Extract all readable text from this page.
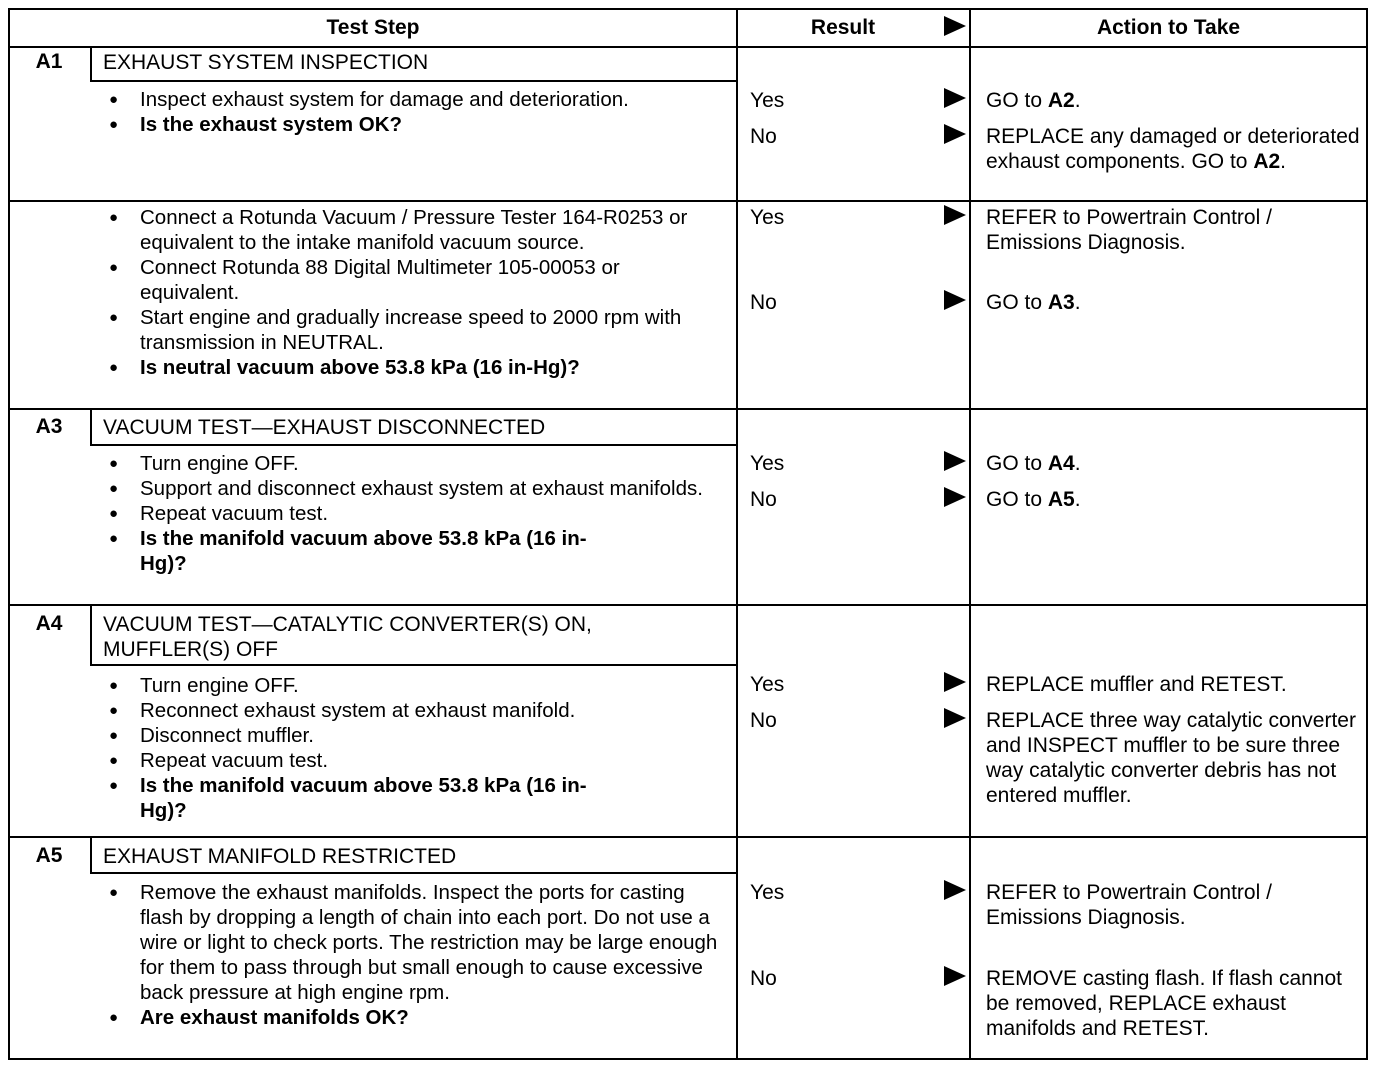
Test Step	Result	Action to Take
A1	EXHAUST SYSTEM INSPECTION
● Inspect exhaust system for damage and deterioration.
● Is the exhaust system OK?
Yes	GO to A2.
No	REPLACE any damaged or deteriorated exhaust components. GO to A2.
● Connect a Rotunda Vacuum / Pressure Tester 164-R0253 or equivalent to the intake manifold vacuum source.
● Connect Rotunda 88 Digital Multimeter 105-00053 or equivalent.
● Start engine and gradually increase speed to 2000 rpm with transmission in NEUTRAL.
● Is neutral vacuum above 53.8 kPa (16 in-Hg)?
Yes	REFER to Powertrain Control / Emissions Diagnosis.
No	GO to A3.
A3	VACUUM TEST—EXHAUST DISCONNECTED
● Turn engine OFF.
● Support and disconnect exhaust system at exhaust manifolds.
● Repeat vacuum test.
● Is the manifold vacuum above 53.8 kPa (16 in-Hg)?
Yes	GO to A4.
No	GO to A5.
A4	VACUUM TEST—CATALYTIC CONVERTER(S) ON, MUFFLER(S) OFF
● Turn engine OFF.
● Reconnect exhaust system at exhaust manifold.
● Disconnect muffler.
● Repeat vacuum test.
● Is the manifold vacuum above 53.8 kPa (16 in-Hg)?
Yes	REPLACE muffler and RETEST.
No	REPLACE three way catalytic converter and INSPECT muffler to be sure three way catalytic converter debris has not entered muffler.
A5	EXHAUST MANIFOLD RESTRICTED
● Remove the exhaust manifolds. Inspect the ports for casting flash by dropping a length of chain into each port. Do not use a wire or light to check ports. The restriction may be large enough for them to pass through but small enough to cause excessive back pressure at high engine rpm.
● Are exhaust manifolds OK?
Yes	REFER to Powertrain Control / Emissions Diagnosis.
No	REMOVE casting flash. If flash cannot be removed, REPLACE exhaust manifolds and RETEST.
